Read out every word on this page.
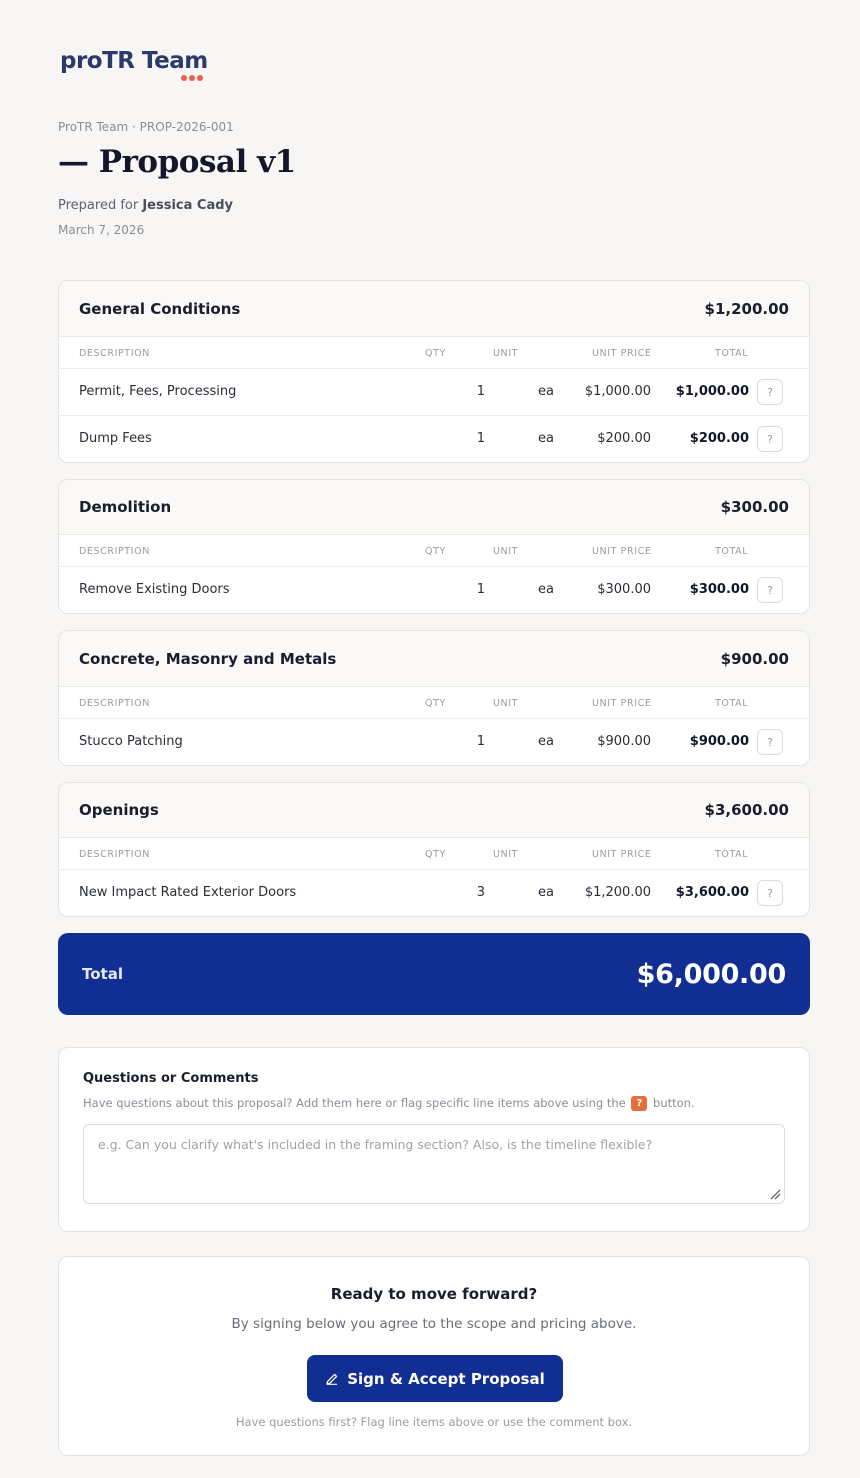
proTR Team
ProTR Team · PROP-2026-001
— Proposal v1
Prepared for Jessica Cady
March 7, 2026
General Conditions	$1,200.00
DESCRIPTION	QTY	UNIT	UNIT PRICE	TOTAL
Permit, Fees, Processing	1	ea $1,000.00 $1,000.00	?
Dump Fees	1	ea	$200.00	$200.00	?
Demolition	$300.00
DESCRIPTION	QTY	UNIT	UNIT PRICE	TOTAL
Remove Existing Doors	1	ea	$300.00	$300.00	?
Concrete, Masonry and Metals	$900.00
DESCRIPTION	QTY	UNIT	UNIT PRICE	TOTAL
Stucco Patching	1	ea	$900.00	$900.00	?
Openings	$3,600.00
DESCRIPTION	QTY	UNIT	UNIT PRICE	TOTAL
New Impact Rated Exterior Doors	3	ea $1,200.00 $3,600.00	?
Total	$6,000.00
Questions or Comments
Have questions about this proposal? Add them here or flag specific line items above using the ? button.
e.g. Can you clarify what's included in the framing section? Also, is the timeline flexible?
Ready to move forward?
By signing below you agree to the scope and pricing above.
Sign & Accept Proposal
Have questions first? Flag line items above or use the comment box.
